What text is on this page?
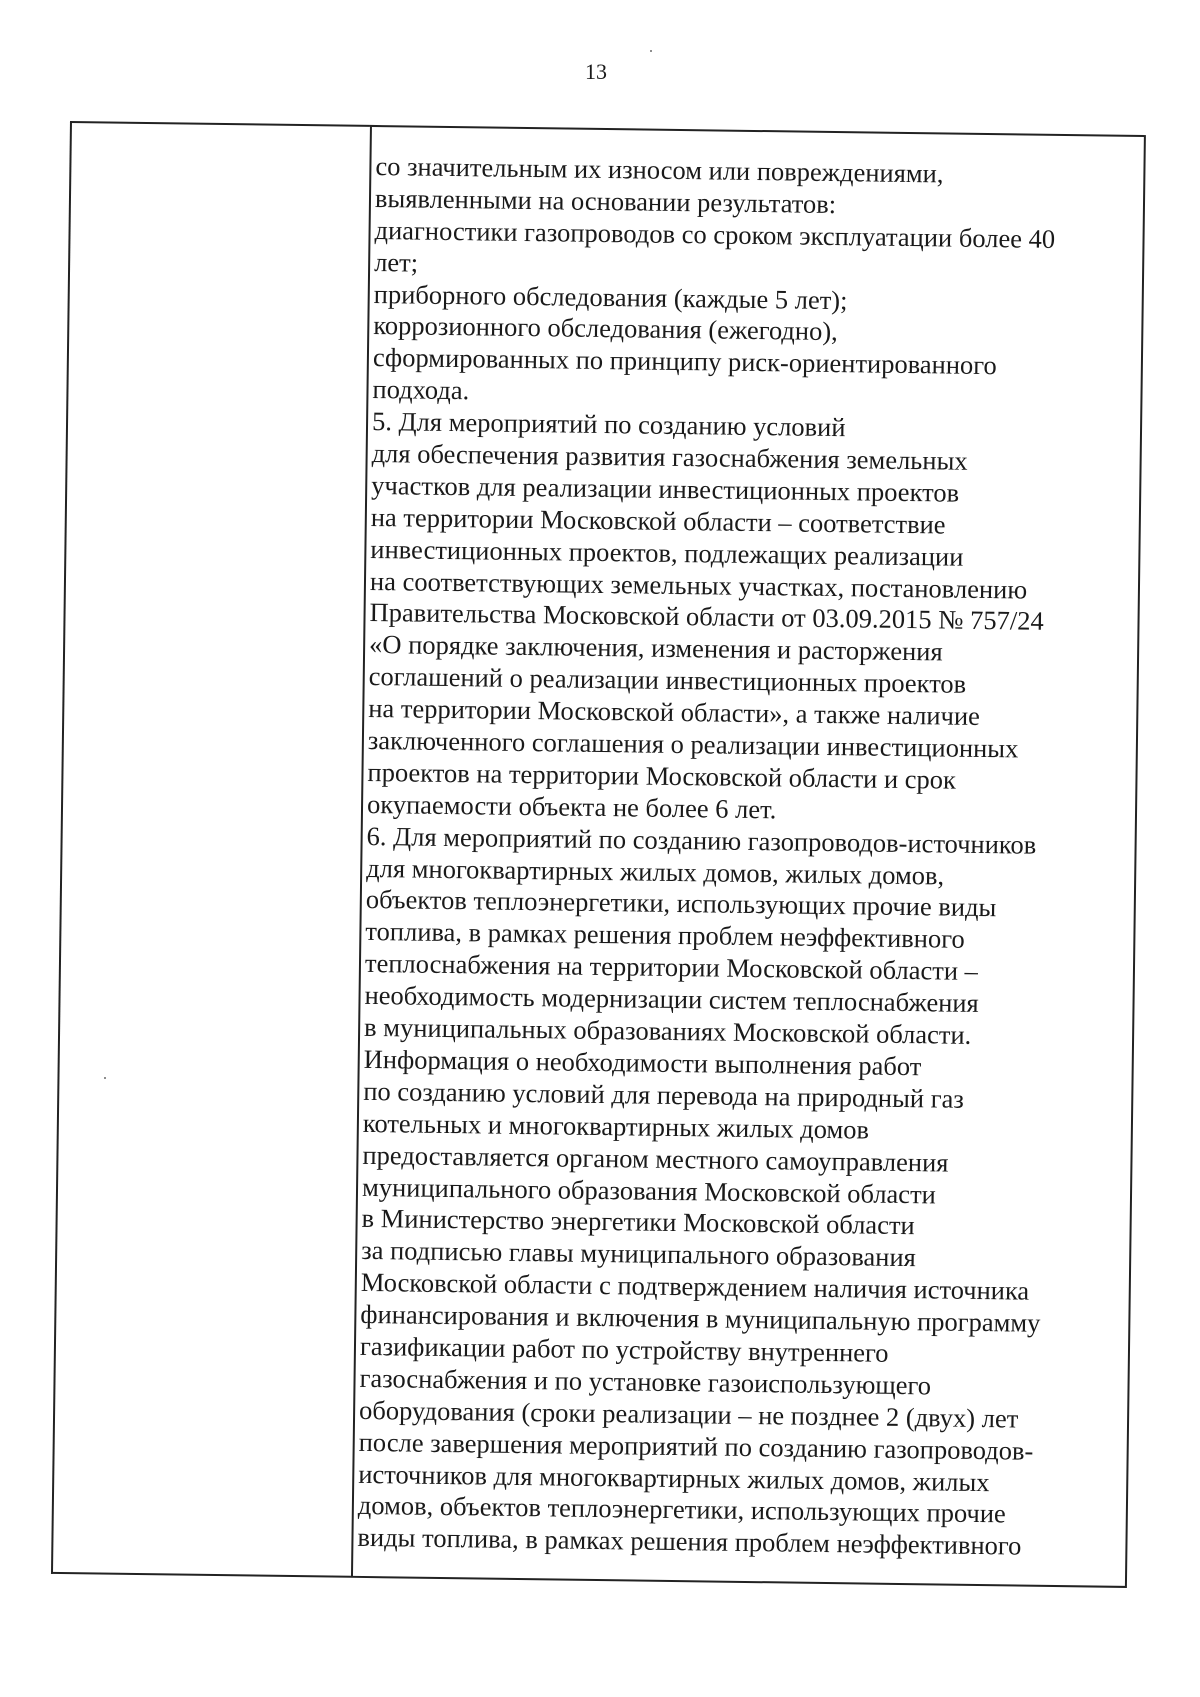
13
со значительным их износом или повреждениями,
выявленными на основании результатов:
диагностики газопроводов со сроком эксплуатации более 40
лет;
приборного обследования (каждые 5 лет);
коррозионного обследования (ежегодно),
сформированных по принципу риск-ориентированного
подхода.
5. Для мероприятий по созданию условий
для обеспечения развития газоснабжения земельных
участков для реализации инвестиционных проектов
на территории Московской области – соответствие
инвестиционных проектов, подлежащих реализации
на соответствующих земельных участках, постановлению
Правительства Московской области от 03.09.2015 № 757/24
«О порядке заключения, изменения и расторжения
соглашений о реализации инвестиционных проектов
на территории Московской области», а также наличие
заключенного соглашения о реализации инвестиционных
проектов на территории Московской области и срок
окупаемости объекта не более 6 лет.
6. Для мероприятий по созданию газопроводов-источников
для многоквартирных жилых домов, жилых домов,
объектов теплоэнергетики, использующих прочие виды
топлива, в рамках решения проблем неэффективного
теплоснабжения на территории Московской области –
необходимость модернизации систем теплоснабжения
в муниципальных образованиях Московской области.
Информация о необходимости выполнения работ
по созданию условий для перевода на природный газ
котельных и многоквартирных жилых домов
предоставляется органом местного самоуправления
муниципального образования Московской области
в Министерство энергетики Московской области
за подписью главы муниципального образования
Московской области с подтверждением наличия источника
финансирования и включения в муниципальную программу
газификации работ по устройству внутреннего
газоснабжения и по установке газоиспользующего
оборудования (сроки реализации – не позднее 2 (двух) лет
после завершения мероприятий по созданию газопроводов-
источников для многоквартирных жилых домов, жилых
домов, объектов теплоэнергетики, использующих прочие
виды топлива, в рамках решения проблем неэффективного
